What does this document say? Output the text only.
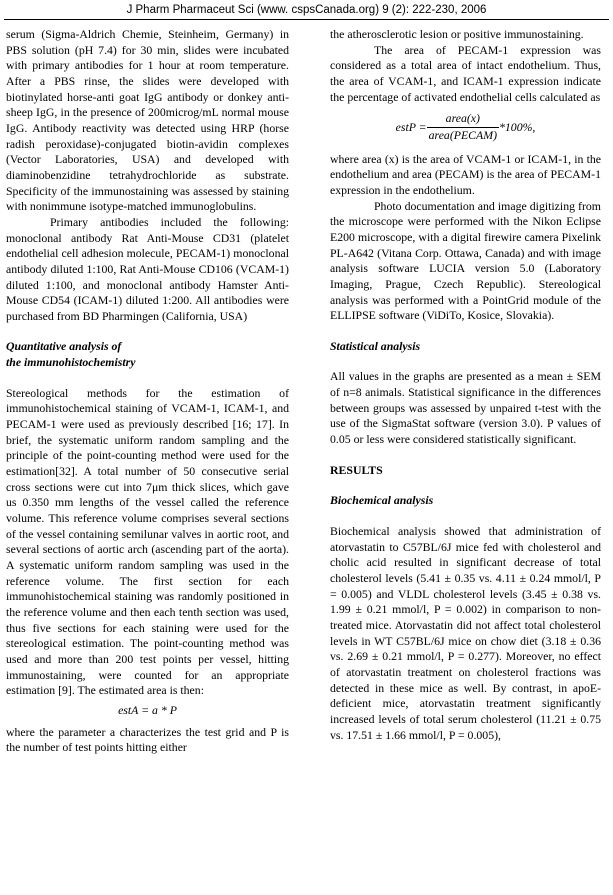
J Pharm Pharmaceut Sci (www. cspsCanada.org) 9 (2): 222-230, 2006

serum (Sigma-Aldrich Chemie, Steinheim, Germany) in PBS solution (pH 7.4) for 30 min, slides were incubated with primary antibodies for 1 hour at room temperature. After a PBS rinse, the slides were developed with biotinylated horse-anti goat IgG antibody or donkey anti-sheep IgG, in the presence of 200microg/mL normal mouse IgG. Antibody reactivity was detected using HRP (horse radish peroxidase)-conjugated biotin-avidin complexes (Vector Laboratories, USA) and developed with diaminobenzidine tetrahydrochloride as substrate. Specificity of the immunostaining was assessed by staining with nonimmune isotype-matched immunoglobulins.

Primary antibodies included the following: monoclonal antibody Rat Anti-Mouse CD31 (platelet endothelial cell adhesion molecule, PECAM-1) monoclonal antibody diluted 1:100, Rat Anti-Mouse CD106 (VCAM-1) diluted 1:100, and monoclonal antibody Hamster Anti-Mouse CD54 (ICAM-1) diluted 1:200. All antibodies were purchased from BD Pharmingen (California, USA)

Quantitative analysis of
the immunohistochemistry

Stereological methods for the estimation of immunohistochemical staining of VCAM-1, ICAM-1, and PECAM-1 were used as previously described [16; 17]. In brief, the systematic uniform random sampling and the principle of the point-counting method were used for the estimation[32]. A total number of 50 consecutive serial cross sections were cut into 7μm thick slices, which gave us 0.350 mm lengths of the vessel called the reference volume. This reference volume comprises several sections of the vessel containing semilunar valves in aortic root, and several sections of aortic arch (ascending part of the aorta). A systematic uniform random sampling was used in the reference volume. The first section for each immunohistochemical staining was randomly positioned in the reference volume and then each tenth section was used, thus five sections for each staining were used for the stereological estimation. The point-counting method was used and more than 200 test points per vessel, hitting immunostaining, were counted for an appropriate estimation [9]. The estimated area is then:

estA = a * P

where the parameter a characterizes the test grid and P is the number of test points hitting either

the atherosclerotic lesion or positive immunostaining.

The area of PECAM-1 expression was considered as a total area of intact endothelium. Thus, the area of VCAM-1, and ICAM-1 expression indicate the percentage of activated endothelial cells calculated as

estP = $\frac{\text{area(x)}}{\text{area(PECAM)}} *100\%$,

where area (x) is the area of VCAM-1 or ICAM-1, in the endothelium and area (PECAM) is the area of PECAM-1 expression in the endothelium.

Photo documentation and image digitizing from the microscope were performed with the Nikon Eclipse E200 microscope, with a digital firewire camera Pixelink PL-A642 (Vitana Corp. Ottawa, Canada) and with image analysis software LUCIA version 5.0 (Laboratory Imaging, Prague, Czech Republic). Stereological analysis was performed with a PointGrid module of the ELLIPSE software (ViDiTo, Kosice, Slovakia).

Statistical analysis

All values in the graphs are presented as a mean ± SEM of n=8 animals. Statistical significance in the differences between groups was assessed by unpaired t-test with the use of the SigmaStat software (version 3.0). P values of 0.05 or less were considered statistically significant.

RESULTS

Biochemical analysis

Biochemical analysis showed that administration of atorvastatin to C57BL/6J mice fed with cholesterol and cholic acid resulted in significant decrease of total cholesterol levels (5.41 ± 0.35 vs. 4.11 ± 0.24 mmol/l, P = 0.005) and VLDL cholesterol levels (3.45 ± 0.38 vs. 1.99 ± 0.21 mmol/l, P = 0.002) in comparison to non-treated mice. Atorvastatin did not affect total cholesterol levels in WT C57BL/6J mice on chow diet (3.18 ± 0.36 vs. 2.69 ± 0.21 mmol/l, P = 0.277). Moreover, no effect of atorvastatin treatment on cholesterol fractions was detected in these mice as well. By contrast, in apoE-deficient mice, atorvastatin treatment significantly increased levels of total serum cholesterol (11.21 ± 0.75 vs. 17.51 ± 1.66 mmol/l, P = 0.005),
